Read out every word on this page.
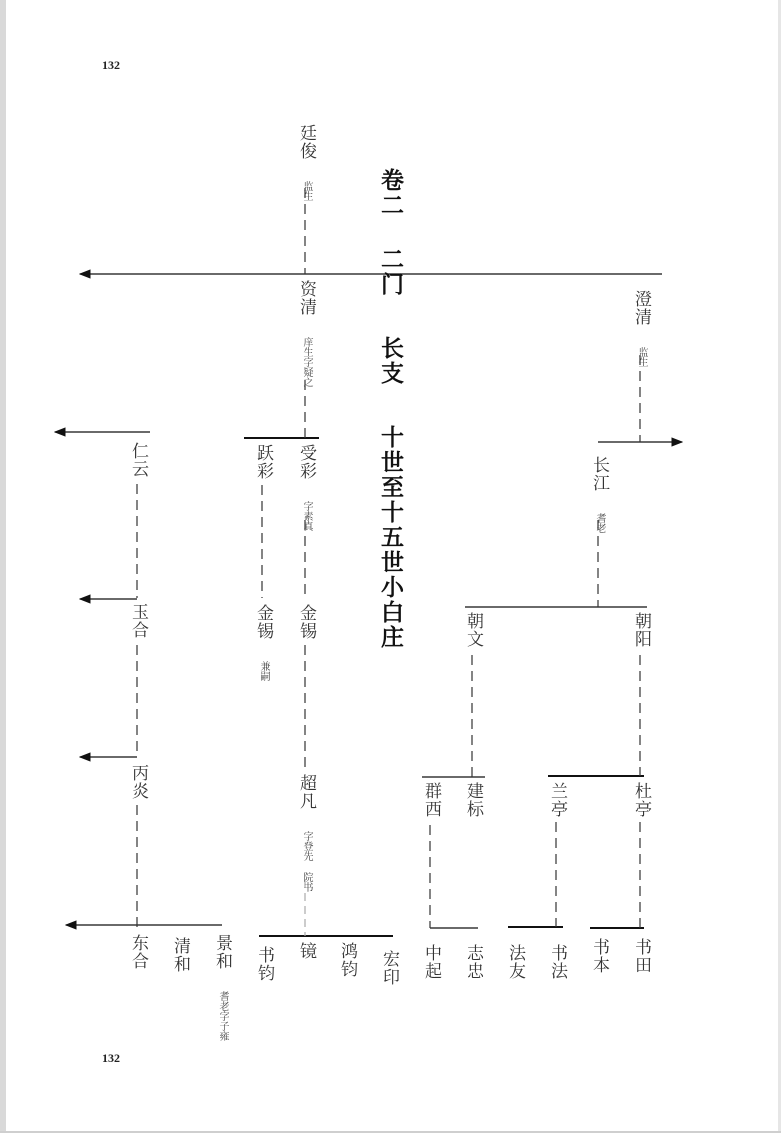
132
132
卷二 二门 长支 十世至十五世小白庄
廷俊 监生
资清 庠生字疑之
跃彩 受彩 字素真
金锡 兼嗣
金锡
超凡 字登先 院书
书钧 镜 鸿钧 宏印
仁云
玉合
丙炎
东合 清和 景和 耆老字子雍
澄清 监生
长江 耆老
朝文	朝阳
群西 建标	兰亭	杜亭
中起 志忠 法友 书法 书本 书田
